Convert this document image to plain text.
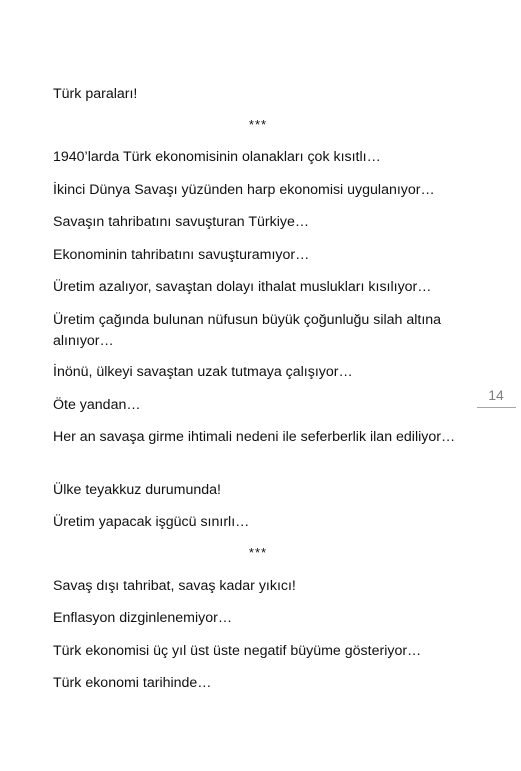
Türk paraları!
***
1940’larda Türk ekonomisinin olanakları çok kısıtlı…
İkinci Dünya Savaşı yüzünden harp ekonomisi uygulanıyor…
Savaşın tahribatını savuşturan Türkiye…
Ekonominin tahribatını savuşturamıyor…
Üretim azalıyor, savaştan dolayı ithalat muslukları kısılıyor…
Üretim çağında bulunan nüfusun büyük çoğunluğu silah altına alınıyor…
İnönü, ülkeyi savaştan uzak tutmaya çalışıyor…
Öte yandan…
Her an savaşa girme ihtimali nedeni ile seferberlik ilan ediliyor…
Ülke teyakkuz durumunda!
Üretim yapacak işgücü sınırlı…
***
Savaş dışı tahribat, savaş kadar yıkıcı!
Enflasyon dizginlenemiyor…
Türk ekonomisi üç yıl üst üste negatif büyüme gösteriyor…
Türk ekonomi tarihinde…
14
